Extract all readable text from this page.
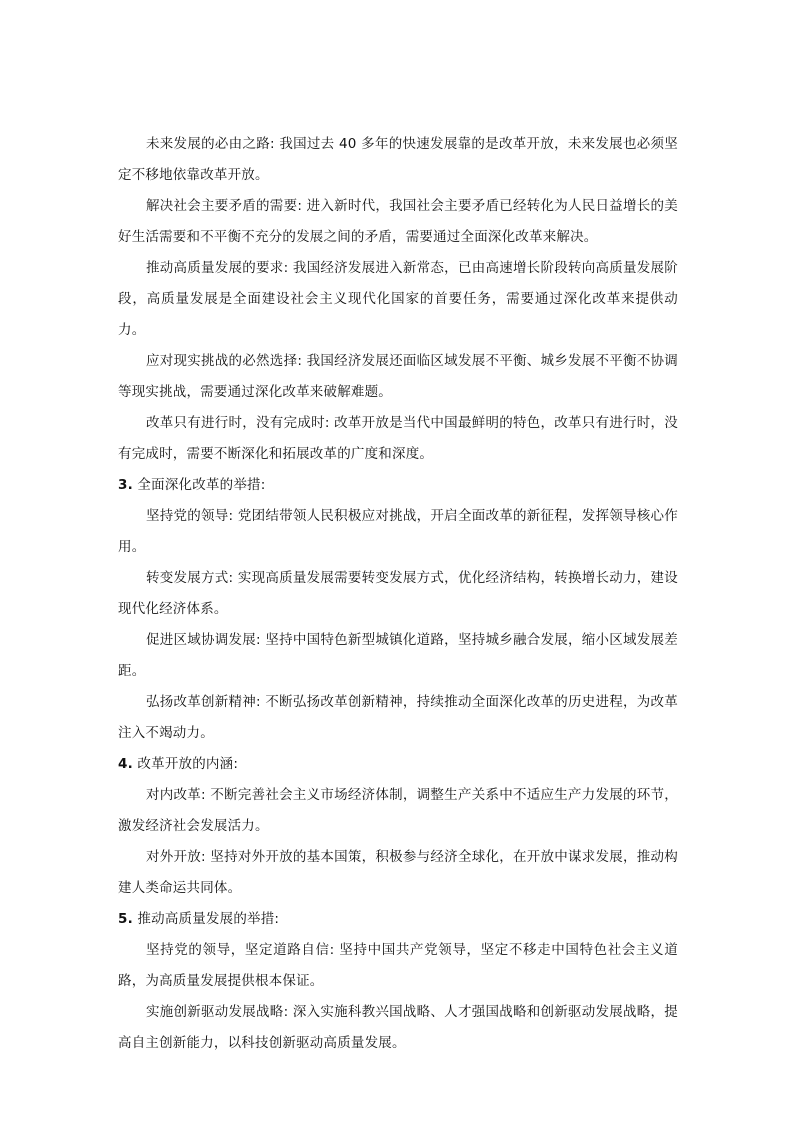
未来发展的必由之路: 我国过去 40 多年的快速发展靠的是改革开放，未来发展也必须坚定不移地依靠改革开放。

解决社会主要矛盾的需要: 进入新时代，我国社会主要矛盾已经转化为人民日益增长的美好生活需要和不平衡不充分的发展之间的矛盾，需要通过全面深化改革来解决。

推动高质量发展的要求: 我国经济发展进入新常态，已由高速增长阶段转向高质量发展阶段，高质量发展是全面建设社会主义现代化国家的首要任务，需要通过深化改革来提供动力。

应对现实挑战的必然选择: 我国经济发展还面临区域发展不平衡、城乡发展不平衡不协调等现实挑战，需要通过深化改革来破解难题。

改革只有进行时，没有完成时: 改革开放是当代中国最鲜明的特色，改革只有进行时，没有完成时，需要不断深化和拓展改革的广度和深度。

3. 全面深化改革的举措:

坚持党的领导: 党团结带领人民积极应对挑战，开启全面改革的新征程，发挥领导核心作用。

转变发展方式: 实现高质量发展需要转变发展方式，优化经济结构，转换增长动力，建设现代化经济体系。

促进区域协调发展: 坚持中国特色新型城镇化道路，坚持城乡融合发展，缩小区域发展差距。

弘扬改革创新精神: 不断弘扬改革创新精神，持续推动全面深化改革的历史进程，为改革注入不竭动力。

4. 改革开放的内涵:

对内改革: 不断完善社会主义市场经济体制，调整生产关系中不适应生产力发展的环节，激发经济社会发展活力。

对外开放: 坚持对外开放的基本国策，积极参与经济全球化，在开放中谋求发展，推动构建人类命运共同体。

5. 推动高质量发展的举措:

坚持党的领导，坚定道路自信: 坚持中国共产党领导，坚定不移走中国特色社会主义道路，为高质量发展提供根本保证。

实施创新驱动发展战略: 深入实施科教兴国战略、人才强国战略和创新驱动发展战略，提高自主创新能力，以科技创新驱动高质量发展。
